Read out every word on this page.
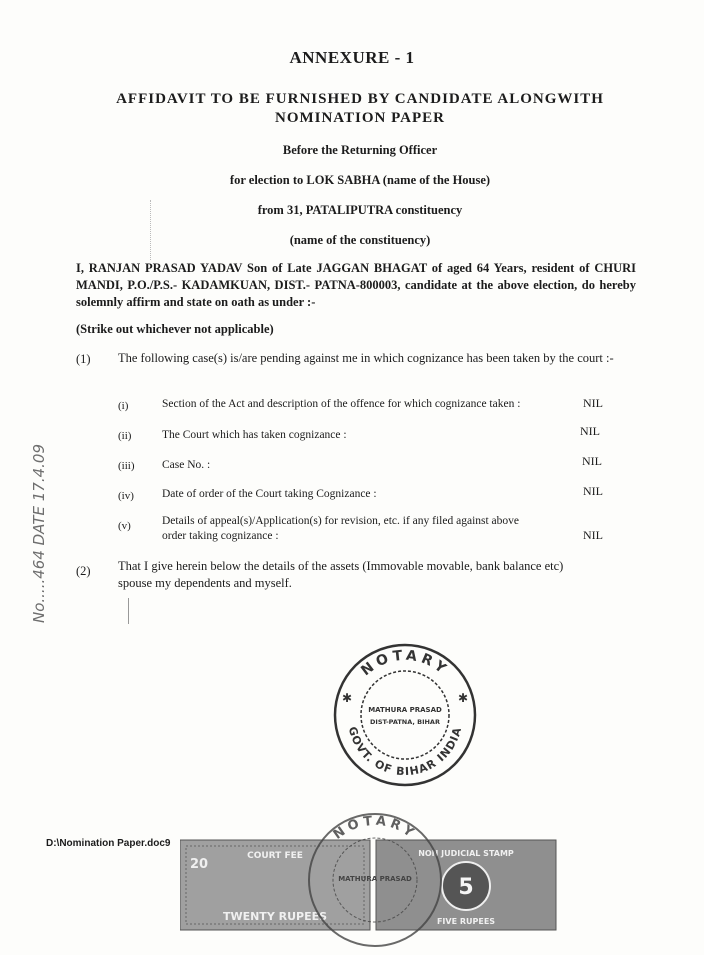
ANNEXURE - 1
AFFIDAVIT TO BE FURNISHED BY CANDIDATE ALONGWITH
NOMINATION PAPER
Before the Returning Officer
for election to LOK SABHA (name of the House)
from 31, PATALIPUTRA constituency
(name of the constituency)
I, RANJAN PRASAD YADAV Son of Late JAGGAN BHAGAT of aged 64 Years, resident of CHURI MANDI, P.O./P.S.- KADAMKUAN, DIST.- PATNA-800003, candidate at the above election, do hereby solemnly affirm and state on oath as under :-
(Strike out whichever not applicable)
(1) The following case(s) is/are pending against me in which cognizance has been taken by the court :-
(i)	Section of the Act and description of the offence for which cognizance taken :	NIL
(ii)	The Court which has taken cognizance :	NIL
(iii) Case No. :	NIL
(iv) Date of order of the Court taking Cognizance :	NIL
(v)	Details of appeal(s)/Application(s) for revision, etc. if any filed against above order taking cognizance :	NIL
(2) That I give herein below the details of the assets (Immovable movable, bank balance etc) spouse my dependents and myself.
No.....464 DATE 17.4.09
NOTARY
GOVT. OF BIHAR INDIA
MATHURA PRASAD
DIST-PATNA, BIHAR
✱	✱
20
COURT FEE
TWENTY RUPEES
NON JUDICIAL STAMP
5
FIVE RUPEES
NOTARY
MATHURA PRASAD
D:\Nomination Paper.doc9
